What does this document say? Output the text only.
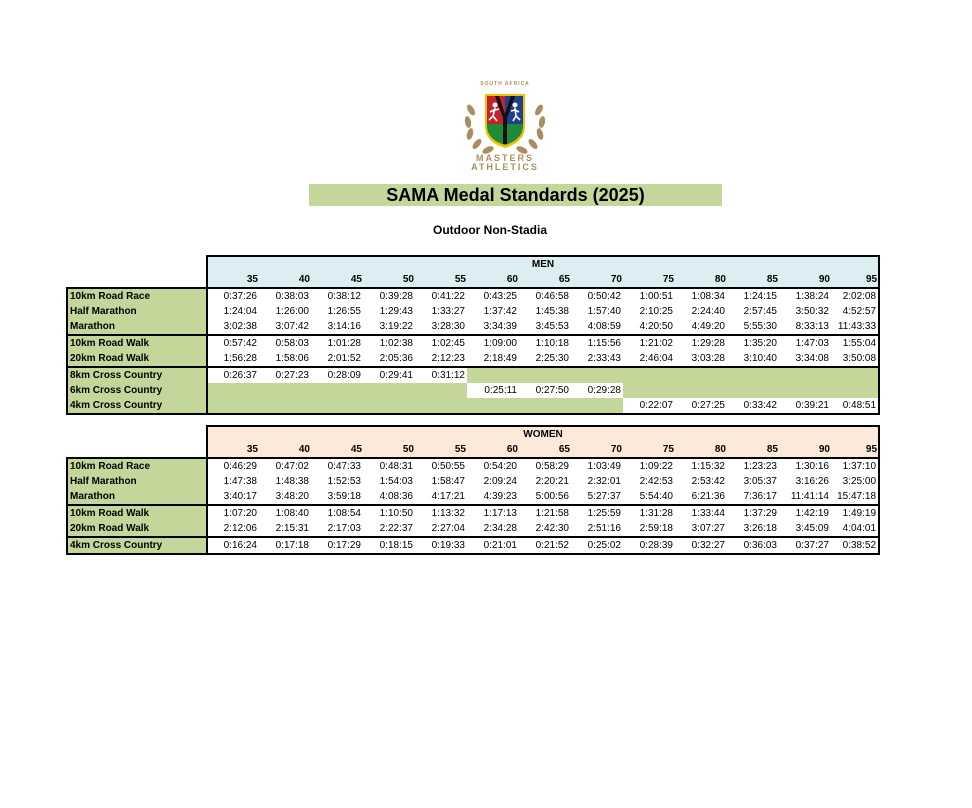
SOUTH AFRICA
MASTERS
ATHLETICS
SAMA Medal Standards (2025)
Outdoor Non-Stadia
	MEN												
	35	40	45	50	55	60	65	70	75	80	85	90	95
10km Road Race	0:37:26	0:38:03	0:38:12	0:39:28	0:41:22	0:43:25	0:46:58	0:50:42	1:00:51	1:08:34	1:24:15	1:38:24	2:02:08
Half Marathon	1:24:04	1:26:00	1:26:55	1:29:43	1:33:27	1:37:42	1:45:38	1:57:40	2:10:25	2:24:40	2:57:45	3:50:32	4:52:57
Marathon	3:02:38	3:07:42	3:14:16	3:19:22	3:28:30	3:34:39	3:45:53	4:08:59	4:20:50	4:49:20	5:55:30	8:33:13	11:43:33
10km Road Walk	0:57:42	0:58:03	1:01:28	1:02:38	1:02:45	1:09:00	1:10:18	1:15:56	1:21:02	1:29:28	1:35:20	1:47:03	1:55:04
20km Road Walk	1:56:28	1:58:06	2:01:52	2:05:36	2:12:23	2:18:49	2:25:30	2:33:43	2:46:04	3:03:28	3:10:40	3:34:08	3:50:08
8km Cross Country	0:26:37	0:27:23	0:28:09	0:29:41	0:31:12								
6km Cross Country						0:25:11	0:27:50	0:29:28					
4km Cross Country									0:22:07	0:27:25	0:33:42	0:39:21	0:48:51
	WOMEN												
	35	40	45	50	55	60	65	70	75	80	85	90	95
10km Road Race	0:46:29	0:47:02	0:47:33	0:48:31	0:50:55	0:54:20	0:58:29	1:03:49	1:09:22	1:15:32	1:23:23	1:30:16	1:37:10
Half Marathon	1:47:38	1:48:38	1:52:53	1:54:03	1:58:47	2:09:24	2:20:21	2:32:01	2:42:53	2:53:42	3:05:37	3:16:26	3:25:00
Marathon	3:40:17	3:48:20	3:59:18	4:08:36	4:17:21	4:39:23	5:00:56	5:27:37	5:54:40	6:21:36	7:36:17	11:41:14	15:47:18
10km Road Walk	1:07:20	1:08:40	1:08:54	1:10:50	1:13:32	1:17:13	1:21:58	1:25:59	1:31:28	1:33:44	1:37:29	1:42:19	1:49:19
20km Road Walk	2:12:06	2:15:31	2:17:03	2:22:37	2:27:04	2:34:28	2:42:30	2:51:16	2:59:18	3:07:27	3:26:18	3:45:09	4:04:01
4km Cross Country	0:16:24	0:17:18	0:17:29	0:18:15	0:19:33	0:21:01	0:21:52	0:25:02	0:28:39	0:32:27	0:36:03	0:37:27	0:38:52
